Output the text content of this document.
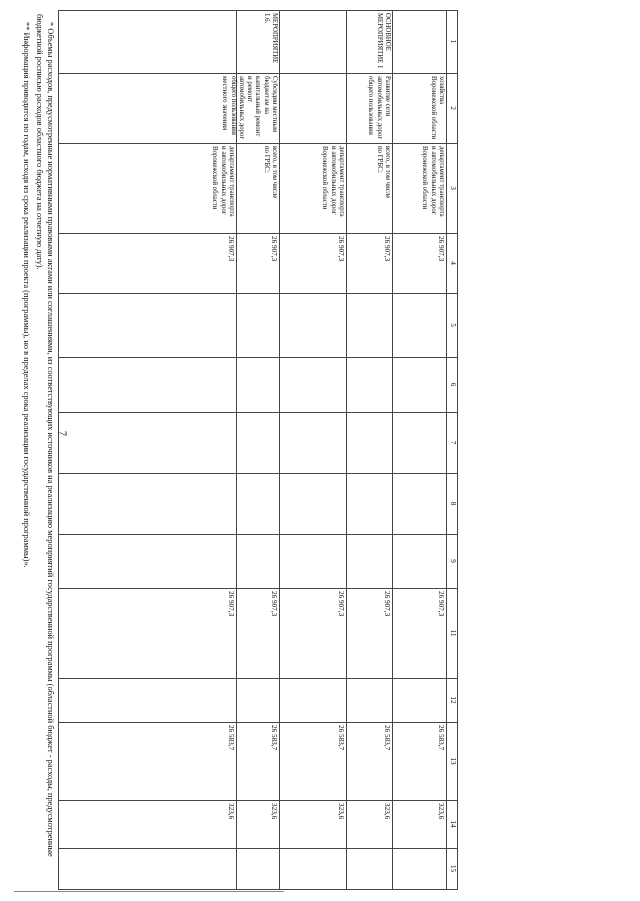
7
1
2
3
4
5
6
7
8
9
11
12
13
14
15
хозяйства Воронежской области
департамент транспорта и автомобильных дорог Воронежской области
26 907,3
26 907,3
26 583,7
323,6
ОСНОВНОЕ МЕРОПРИЯТИЕ 1
Развитие сети автомобильных дорог общего пользования
всего, в том числе по ГРБС:
26 907,3
26 907,3
26 583,7
323,6
департамент транспорта и автомобильных дорог Воронежской области
26 907,3
26 907,3
26 583,7
323,6
МЕРОПРИЯТИЕ 1.6.
Субсидии местным бюджетам на капитальный ремонт и ремонт автомобильных дорог общего пользования местного значения
всего, в том числе по ГРБС:
26 907,3
26 907,3
26 583,7
323,6
департамент транспорта и автомобильных дорог Воронежской области
26 907,3
26 907,3
26 583,7
323,6

* Объемы расходов, предусмотренные нормативными правовыми актами или соглашениями, из соответствующих источников на реализацию мероприятий государственной программы (областной бюджет - расходы, предусмотренные бюджетной росписью расходов областного бюджета на отчетную дату).

** Информация приводится по годам, исходя из срока реализации проекта (программы), но в пределах срока реализации государственной программы)».
